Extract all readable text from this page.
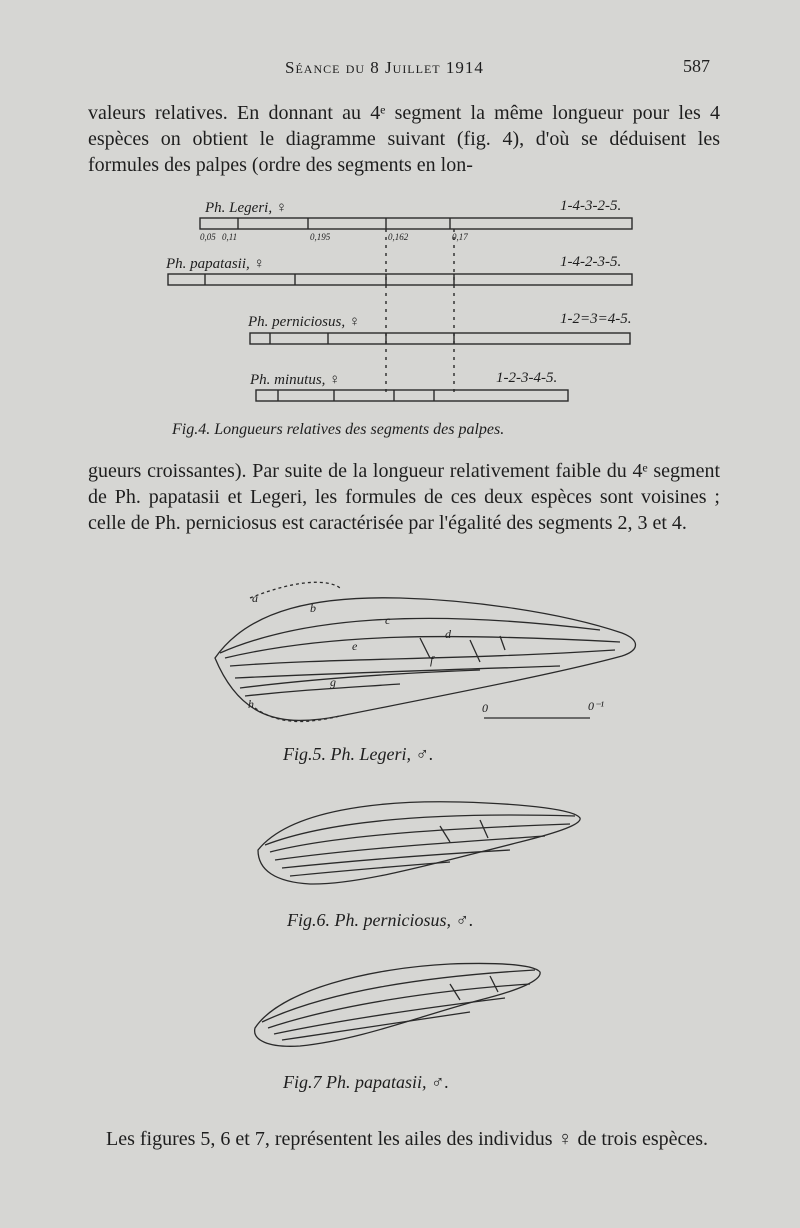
Séance du 8 Juillet 1914	587

valeurs relatives. En donnant au 4ᵉ segment la même longueur pour les 4 espèces on obtient le diagramme suivant (fig. 4), d'où se déduisent les formules des palpes (ordre des segments en lon-

Ph. Legeri, ♀	1-4-3-2-5.
Ph. papatasii, ♀	1-4-2-3-5.
Ph. perniciosus, ♀	1-2=3=4-5.
Ph. minutus, ♀	1-2-3-4-5.
0,05 0,11	0,195	0,162	0,17
Fig.4. Longueurs relatives des segments des palpes.

gueurs croissantes). Par suite de la longueur relativement faible du 4ᵉ segment de Ph. papatasii et Legeri, les formules de ces deux espèces sont voisines ; celle de Ph. perniciosus est caractérisée par l'égalité des segments 2, 3 et 4.

a
b
c
d
e
f
g
h	0	0⁻¹
Fig.5. Ph. Legeri, ♂.
Fig.6. Ph. perniciosus, ♂.
Fig.7 Ph. papatasii, ♂.

Les figures 5, 6 et 7, représentent les ailes des individus ♀ de trois espèces.
